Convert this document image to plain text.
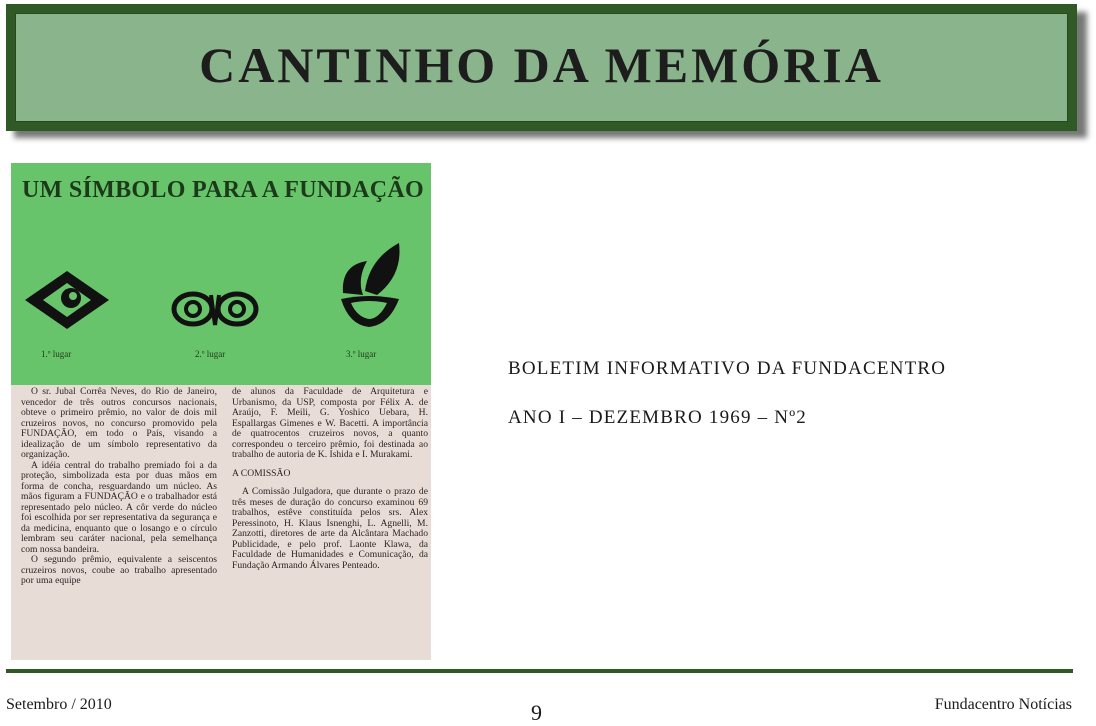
CANTINHO DA MEMÓRIA
UM SÍMBOLO PARA A FUNDAÇÃO
1.º lugar	2.º lugar	3.º lugar

O sr. Jubal Corrêa Neves, do Rio de Janeiro, vencedor de três outros concursos nacionais, obteve o primeiro prêmio, no valor de dois mil cruzeiros novos, no concurso promovido pela FUNDAÇÃO, em todo o País, visando a idealização de um símbolo representativo da organização.

A idéia central do trabalho premiado foi a da proteção, simbolizada esta por duas mãos em forma de concha, resguardando um núcleo. As mãos figuram a FUNDAÇÃO e o trabalhador está representado pelo núcleo. A côr verde do núcleo foi escolhida por ser representativa da segurança e da medicina, enquanto que o losango e o círculo lembram seu caráter nacional, pela semelhança com nossa bandeira.

O segundo prêmio, equivalente a seiscentos cruzeiros novos, coube ao trabalho apresentado por uma equipe

de alunos da Faculdade de Arquitetura e Urbanismo, da USP, composta por Félix A. de Araújo, F. Meili, G. Yoshico Uebara, H. Espallargas Gimenes e W. Bacetti. A importância de quatrocentos cruzeiros novos, a quanto correspondeu o terceiro prêmio, foi destinada ao trabalho de autoria de K. Ishida e I. Murakami.

A COMISSÃO

A Comissão Julgadora, que durante o prazo de três meses de duração do concurso examinou 69 trabalhos, estêve constituída pelos srs. Alex Peressinoto, H. Klaus Isnenghi, L. Agnelli, M. Zanzotti, diretores de arte da Alcântara Machado Publicidade, e pelo prof. Laonte Klawa, da Faculdade de Humanidades e Comunicação, da Fundação Armando Álvares Penteado.

BOLETIM INFORMATIVO DA FUNDACENTRO
ANO I – DEZEMBRO 1969 – Nº2
Setembro / 2010	9	Fundacentro Notícias
